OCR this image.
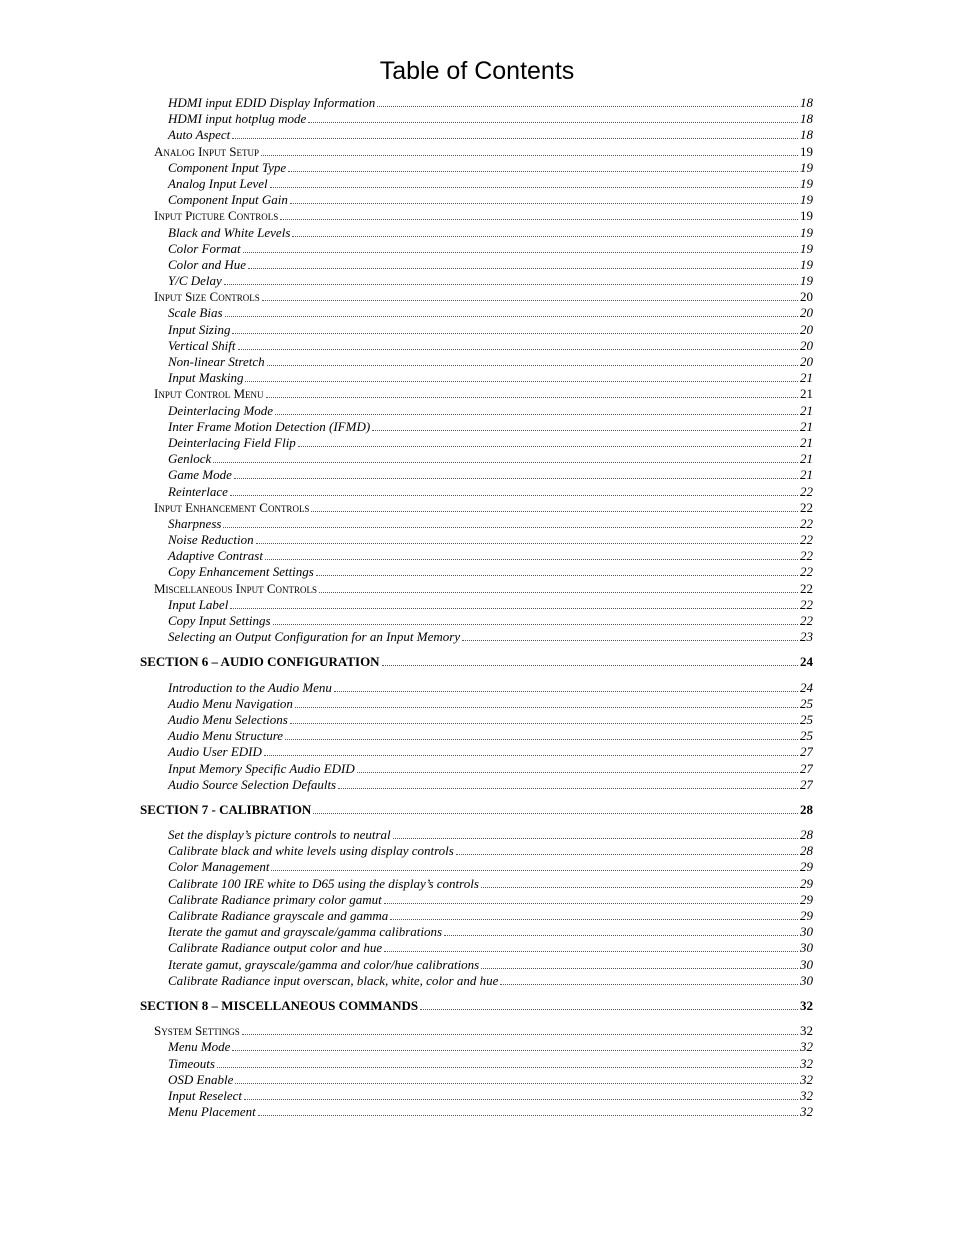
Table of Contents
HDMI input EDID Display Information	18
HDMI input hotplug mode	18
Auto Aspect	18
Analog Input Setup	19
Component Input Type	19
Analog Input Level	19
Component Input Gain	19
Input Picture Controls	19
Black and White Levels	19
Color Format	19
Color and Hue	19
Y/C Delay	19
Input Size Controls	20
Scale Bias	20
Input Sizing	20
Vertical Shift	20
Non-linear Stretch	20
Input Masking	21
Input Control Menu	21
Deinterlacing Mode	21
Inter Frame Motion Detection (IFMD)	21
Deinterlacing Field Flip	21
Genlock	21
Game Mode	21
Reinterlace	22
Input Enhancement Controls	22
Sharpness	22
Noise Reduction	22
Adaptive Contrast	22
Copy Enhancement Settings	22
Miscellaneous Input Controls	22
Input Label	22
Copy Input Settings	22
Selecting an Output Configuration for an Input Memory	23
SECTION 6 – AUDIO CONFIGURATION	24
Introduction to the Audio Menu	24
Audio Menu Navigation	25
Audio Menu Selections	25
Audio Menu Structure	25
Audio User EDID	27
Input Memory Specific Audio EDID	27
Audio Source Selection Defaults	27
SECTION 7 - CALIBRATION	28
Set the display’s picture controls to neutral	28
Calibrate black and white levels using display controls	28
Color Management	29
Calibrate 100 IRE white to D65 using the display’s controls	29
Calibrate Radiance primary color gamut	29
Calibrate Radiance grayscale and gamma	29
Iterate the gamut and grayscale/gamma calibrations	30
Calibrate Radiance output color and hue	30
Iterate gamut, grayscale/gamma and color/hue calibrations	30
Calibrate Radiance input overscan, black, white, color and hue	30
SECTION 8 – MISCELLANEOUS COMMANDS	32
System Settings	32
Menu Mode	32
Timeouts	32
OSD Enable	32
Input Reselect	32
Menu Placement	32
